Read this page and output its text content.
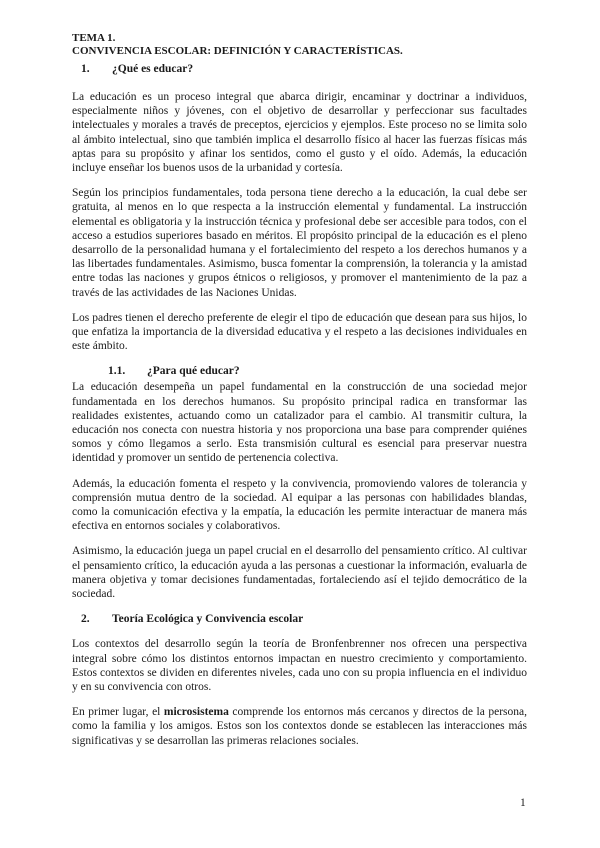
TEMA 1.
CONVIVENCIA ESCOLAR: DEFINICIÓN Y CARACTERÍSTICAS.
1.	¿Qué es educar?

La educación es un proceso integral que abarca dirigir, encaminar y doctrinar a individuos, especialmente niños y jóvenes, con el objetivo de desarrollar y perfeccionar sus facultades intelectuales y morales a través de preceptos, ejercicios y ejemplos. Este proceso no se limita solo al ámbito intelectual, sino que también implica el desarrollo físico al hacer las fuerzas físicas más aptas para su propósito y afinar los sentidos, como el gusto y el oído. Además, la educación incluye enseñar los buenos usos de la urbanidad y cortesía.

Según los principios fundamentales, toda persona tiene derecho a la educación, la cual debe ser gratuita, al menos en lo que respecta a la instrucción elemental y fundamental. La instrucción elemental es obligatoria y la instrucción técnica y profesional debe ser accesible para todos, con el acceso a estudios superiores basado en méritos. El propósito principal de la educación es el pleno desarrollo de la personalidad humana y el fortalecimiento del respeto a los derechos humanos y a las libertades fundamentales. Asimismo, busca fomentar la comprensión, la tolerancia y la amistad entre todas las naciones y grupos étnicos o religiosos, y promover el mantenimiento de la paz a través de las actividades de las Naciones Unidas.

Los padres tienen el derecho preferente de elegir el tipo de educación que desean para sus hijos, lo que enfatiza la importancia de la diversidad educativa y el respeto a las decisiones individuales en este ámbito.

1.1.	¿Para qué educar?

La educación desempeña un papel fundamental en la construcción de una sociedad mejor fundamentada en los derechos humanos. Su propósito principal radica en transformar las realidades existentes, actuando como un catalizador para el cambio. Al transmitir cultura, la educación nos conecta con nuestra historia y nos proporciona una base para comprender quiénes somos y cómo llegamos a serlo. Esta transmisión cultural es esencial para preservar nuestra identidad y promover un sentido de pertenencia colectiva.

Además, la educación fomenta el respeto y la convivencia, promoviendo valores de tolerancia y comprensión mutua dentro de la sociedad. Al equipar a las personas con habilidades blandas, como la comunicación efectiva y la empatía, la educación les permite interactuar de manera más efectiva en entornos sociales y colaborativos.

Asimismo, la educación juega un papel crucial en el desarrollo del pensamiento crítico. Al cultivar el pensamiento crítico, la educación ayuda a las personas a cuestionar la información, evaluarla de manera objetiva y tomar decisiones fundamentadas, fortaleciendo así el tejido democrático de la sociedad.

2.	Teoría Ecológica y Convivencia escolar

Los contextos del desarrollo según la teoría de Bronfenbrenner nos ofrecen una perspectiva integral sobre cómo los distintos entornos impactan en nuestro crecimiento y comportamiento. Estos contextos se dividen en diferentes niveles, cada uno con su propia influencia en el individuo y en su convivencia con otros.

En primer lugar, el microsistema comprende los entornos más cercanos y directos de la persona, como la familia y los amigos. Estos son los contextos donde se establecen las interacciones más significativas y se desarrollan las primeras relaciones sociales.

1
